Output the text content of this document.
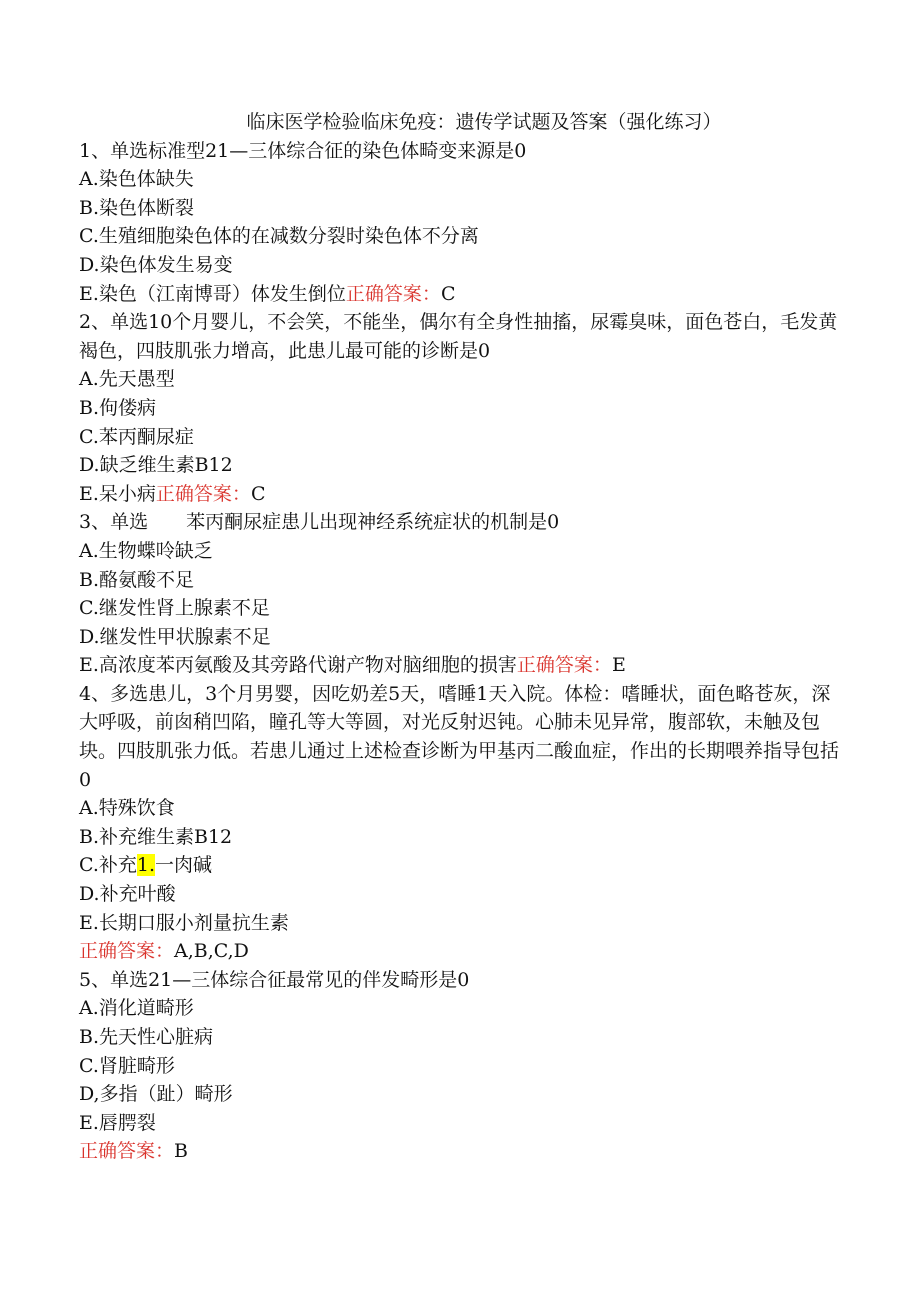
临床医学检验临床免疫：遗传学试题及答案（强化练习）

1、单选标准型21—三体综合征的染色体畸变来源是0

A.染色体缺失

B.染色体断裂

C.生殖细胞染色体的在减数分裂时染色体不分离

D.染色体发生易变

E.染色（江南博哥）体发生倒位正确答案：C

2、单选10个月婴儿，不会笑，不能坐，偶尔有全身性抽搐，尿霉臭味，面色苍白，毛发黄褐色，四肢肌张力增高，此患儿最可能的诊断是0

A.先天愚型

B.佝偻病

C.苯丙酮尿症

D.缺乏维生素B12

E.呆小病正确答案：C

3、单选 苯丙酮尿症患儿出现神经系统症状的机制是0

A.生物蝶呤缺乏

B.酪氨酸不足

C.继发性肾上腺素不足

D.继发性甲状腺素不足

E.高浓度苯丙氨酸及其旁路代谢产物对脑细胞的损害正确答案：E

4、多选患儿，3个月男婴，因吃奶差5天，嗜睡1天入院。体检：嗜睡状，面色略苍灰，深大呼吸，前囱稍凹陷，瞳孔等大等圆，对光反射迟钝。心肺未见异常，腹部软，未触及包块。四肢肌张力低。若患儿通过上述检查诊断为甲基丙二酸血症，作出的长期喂养指导包括0

A.特殊饮食

B.补充维生素B12

C.补充1.一肉碱

D.补充叶酸

E.长期口服小剂量抗生素

正确答案：A,B,C,D

5、单选21—三体综合征最常见的伴发畸形是0

A.消化道畸形

B.先天性心脏病

C.肾脏畸形

D,多指（趾）畸形

E.唇腭裂

正确答案：B
